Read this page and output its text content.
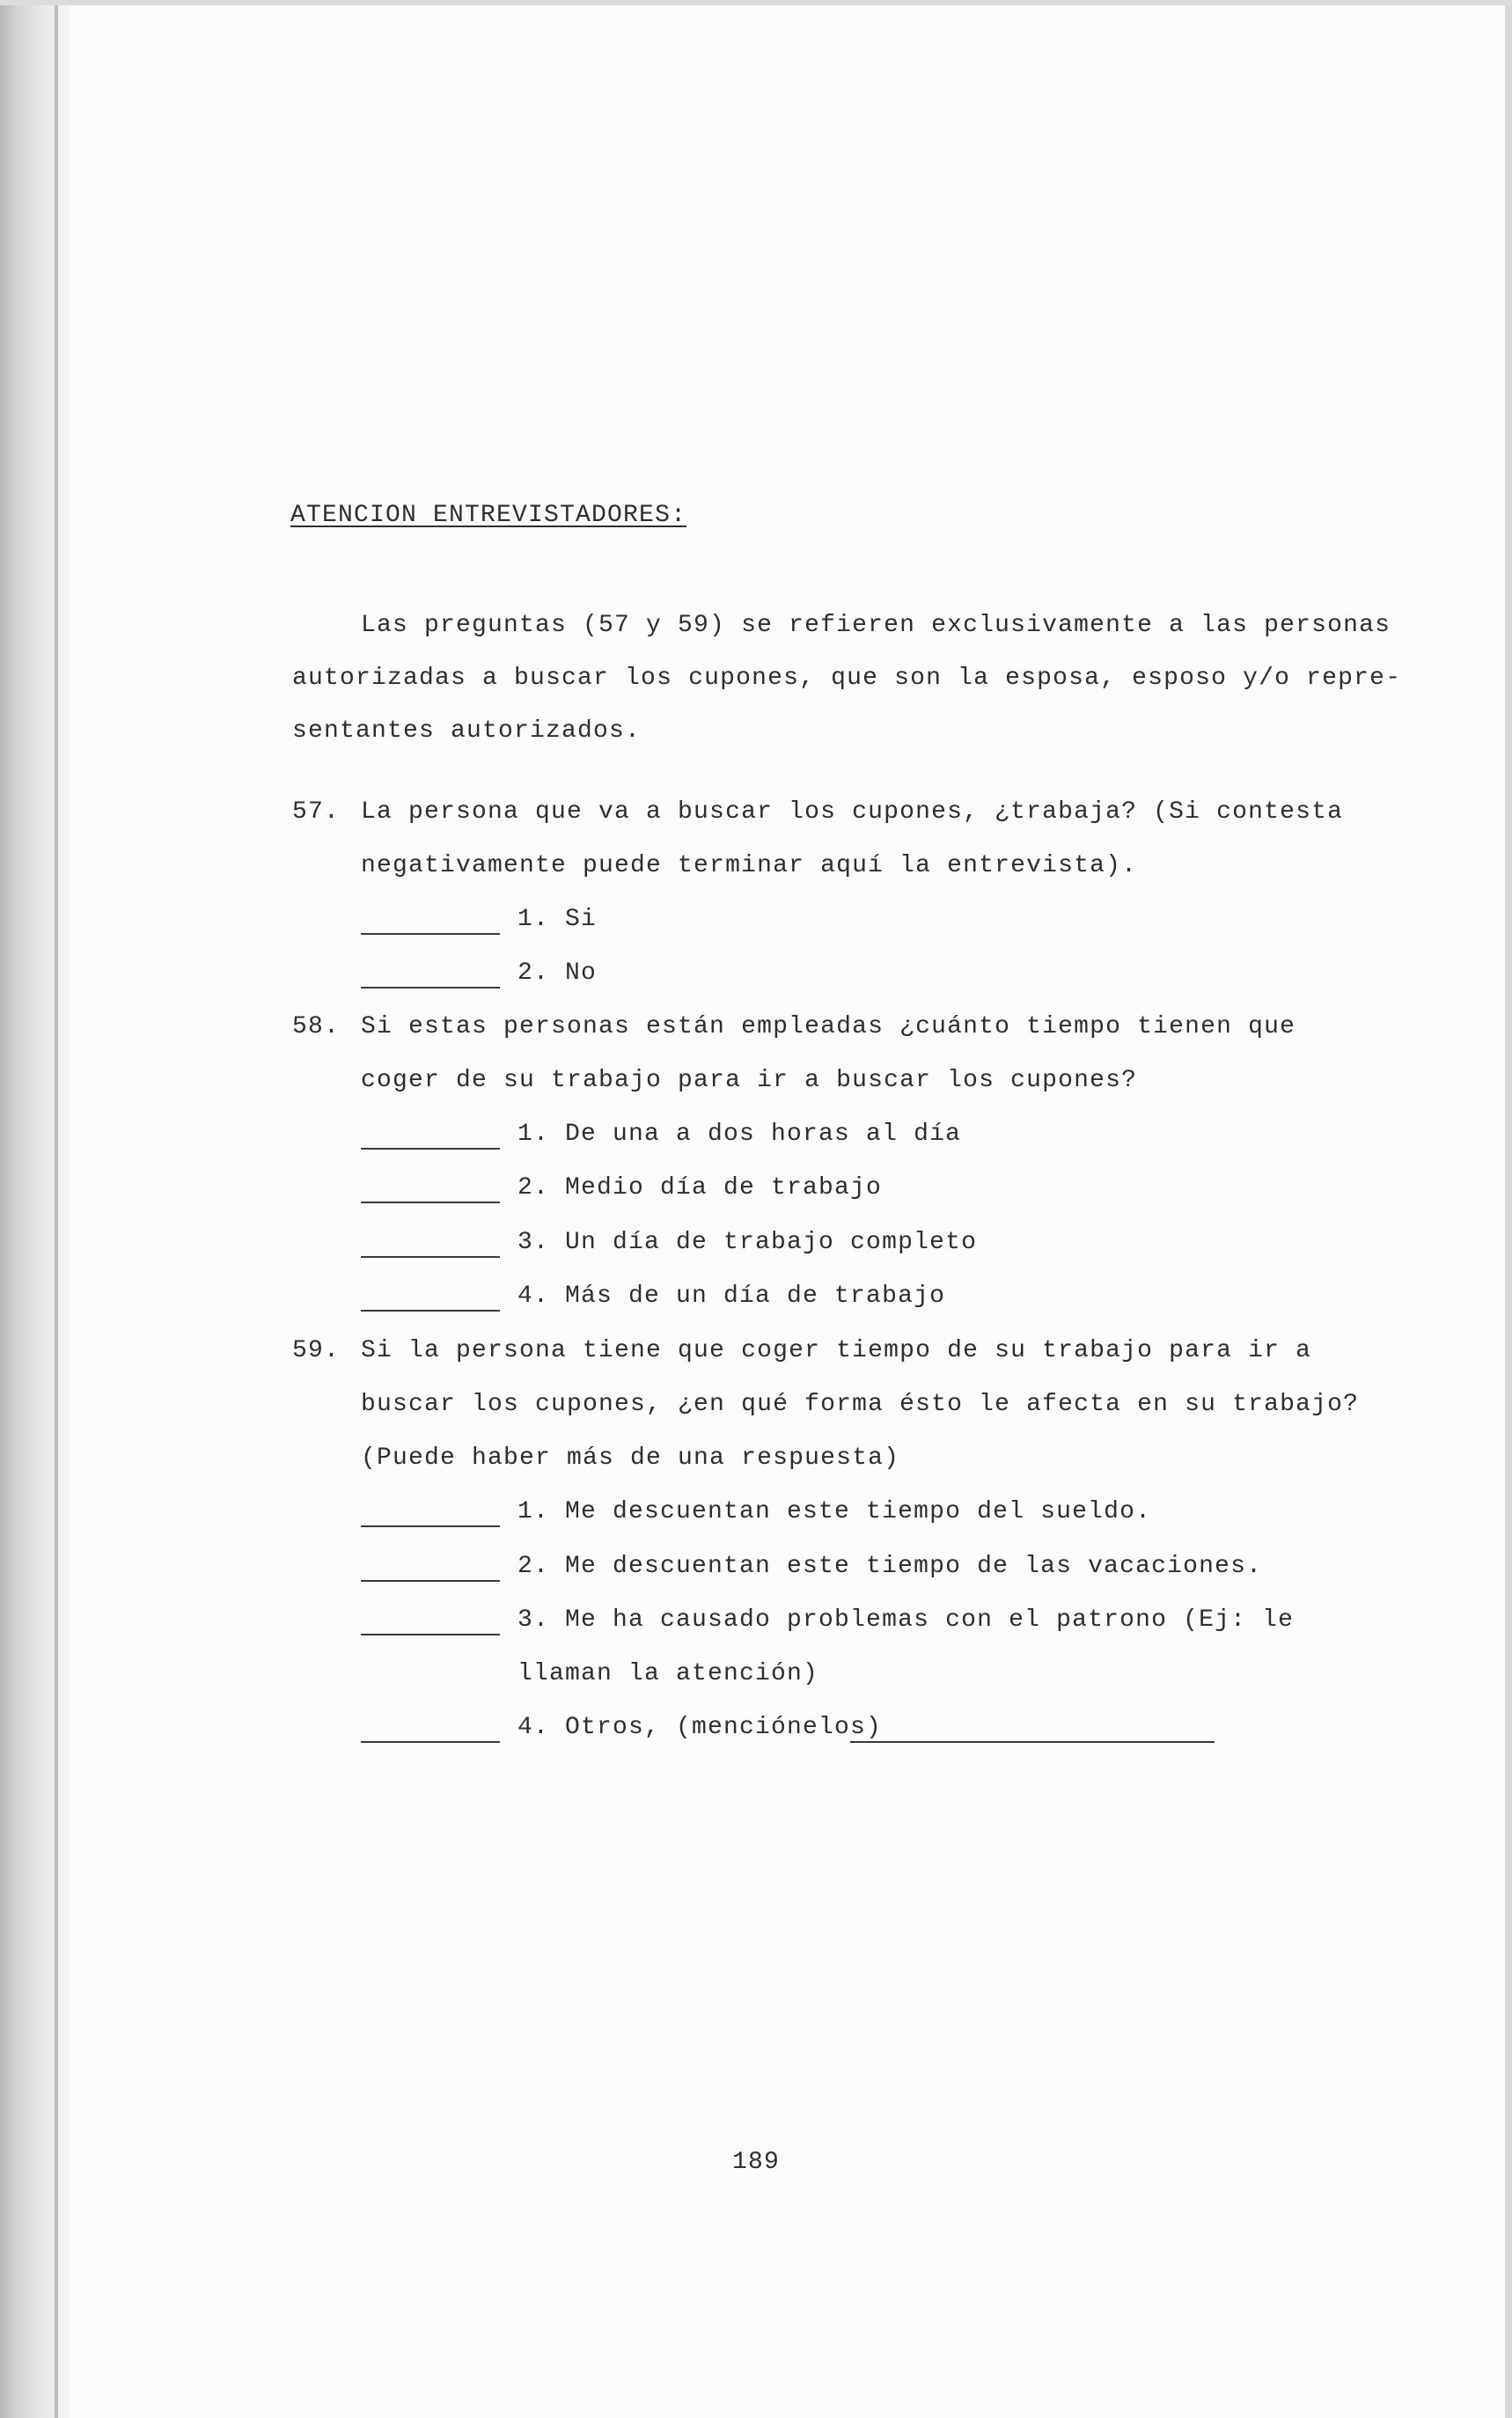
ATENCION ENTREVISTADORES:
Las preguntas (57 y 59) se refieren exclusivamente a las personas
autorizadas a buscar los cupones, que son la esposa, esposo y/o repre-
sentantes autorizados.
57. La persona que va a buscar los cupones, ¿trabaja? (Si contesta
negativamente puede terminar aquí la entrevista).
1. Si
2. No
58. Si estas personas están empleadas ¿cuánto tiempo tienen que
coger de su trabajo para ir a buscar los cupones?
1. De una a dos horas al día
2. Medio día de trabajo
3. Un día de trabajo completo
4. Más de un día de trabajo
59. Si la persona tiene que coger tiempo de su trabajo para ir a
buscar los cupones, ¿en qué forma ésto le afecta en su trabajo?
(Puede haber más de una respuesta)
1. Me descuentan este tiempo del sueldo.
2. Me descuentan este tiempo de las vacaciones.
3. Me ha causado problemas con el patrono (Ej: le
llaman la atención)
4. Otros, (menciónelos)
189
